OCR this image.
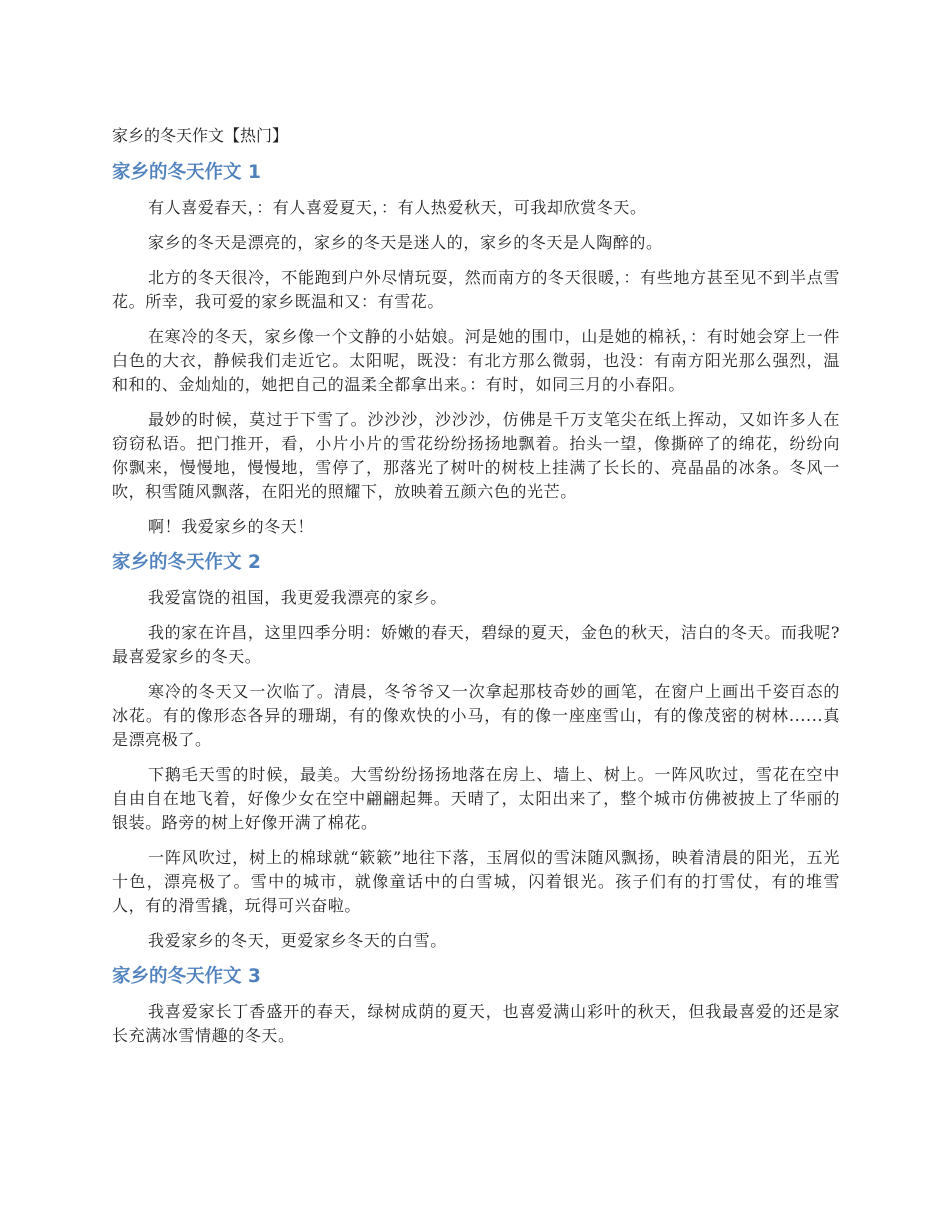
家乡的冬天作文【热门】
家乡的冬天作文 1

有人喜爱春天，：有人喜爱夏天，：有人热爱秋天，可我却欣赏冬天。

家乡的冬天是漂亮的，家乡的冬天是迷人的，家乡的冬天是人陶醉的。

北方的冬天很冷，不能跑到户外尽情玩耍，然而南方的冬天很暖，：有些地方甚至见不到半点雪花。所幸，我可爱的家乡既温和又：有雪花。

在寒冷的冬天，家乡像一个文静的小姑娘。河是她的围巾，山是她的棉袄，：有时她会穿上一件白色的大衣，静候我们走近它。太阳呢，既没：有北方那么微弱，也没：有南方阳光那么强烈，温和和的、金灿灿的，她把自己的温柔全都拿出来。：有时，如同三月的小春阳。

最妙的时候，莫过于下雪了。沙沙沙，沙沙沙，仿佛是千万支笔尖在纸上挥动，又如许多人在窃窃私语。把门推开，看，小片小片的雪花纷纷扬扬地飘着。抬头一望，像撕碎了的绵花，纷纷向你飘来，慢慢地，慢慢地，雪停了，那落光了树叶的树枝上挂满了长长的、亮晶晶的冰条。冬风一吹，积雪随风飘落，在阳光的照耀下，放映着五颜六色的光芒。

啊！我爱家乡的冬天！

家乡的冬天作文 2

我爱富饶的祖国，我更爱我漂亮的家乡。

我的家在许昌，这里四季分明：娇嫩的春天，碧绿的夏天，金色的秋天，洁白的冬天。而我呢?最喜爱家乡的冬天。

寒冷的冬天又一次临了。清晨，冬爷爷又一次拿起那枝奇妙的画笔，在窗户上画出千姿百态的冰花。有的像形态各异的珊瑚，有的像欢快的小马，有的像一座座雪山，有的像茂密的树林......真是漂亮极了。

下鹅毛天雪的时候，最美。大雪纷纷扬扬地落在房上、墙上、树上。一阵风吹过，雪花在空中自由自在地飞着，好像少女在空中翩翩起舞。天晴了，太阳出来了，整个城市仿佛被披上了华丽的银装。路旁的树上好像开满了棉花。

一阵风吹过，树上的棉球就“簌簌”地往下落，玉屑似的雪沫随风飘扬，映着清晨的阳光，五光十色，漂亮极了。雪中的城市，就像童话中的白雪城，闪着银光。孩子们有的打雪仗，有的堆雪人，有的滑雪撬，玩得可兴奋啦。

我爱家乡的冬天，更爱家乡冬天的白雪。

家乡的冬天作文 3

我喜爱家长丁香盛开的春天，绿树成荫的夏天，也喜爱满山彩叶的秋天，但我最喜爱的还是家长充满冰雪情趣的冬天。
